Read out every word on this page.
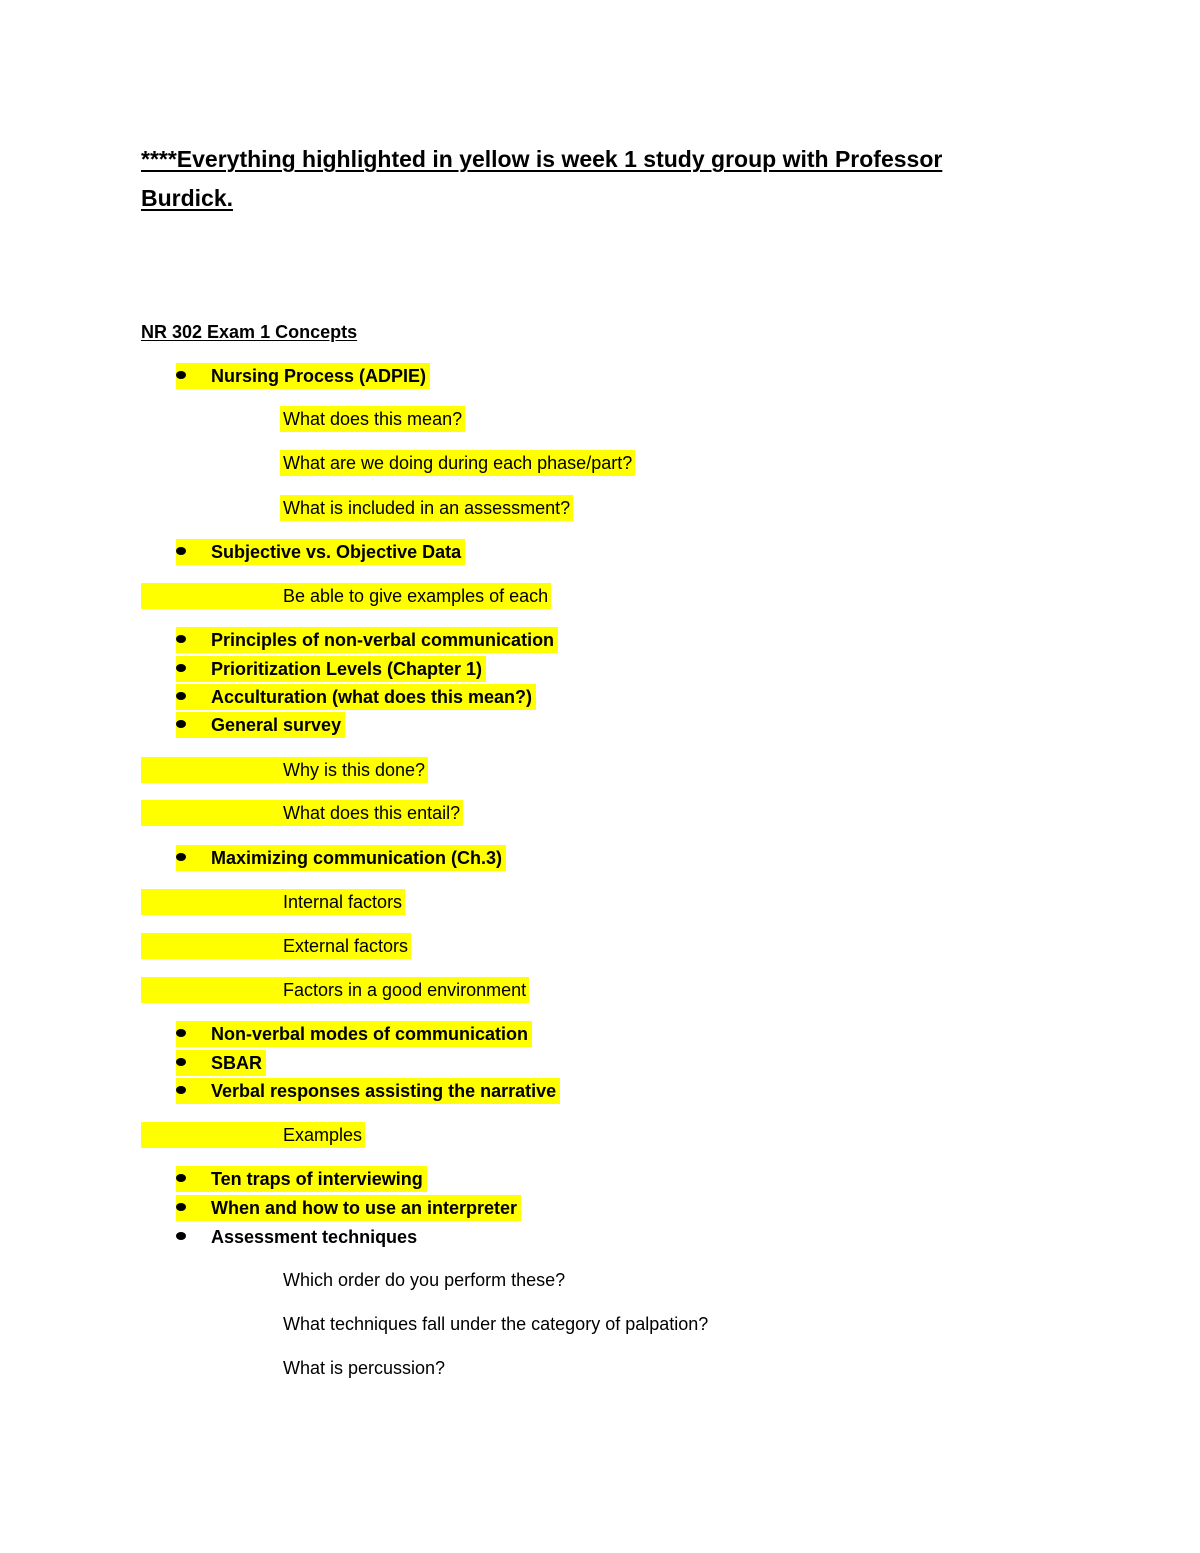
****Everything highlighted in yellow is week 1 study group with Professor
Burdick.
NR 302 Exam 1 Concepts
Nursing Process (ADPIE)
What does this mean?
What are we doing during each phase/part?
What is included in an assessment?
Subjective vs. Objective Data
Be able to give examples of each
Principles of non-verbal communication
Prioritization Levels (Chapter 1)
Acculturation (what does this mean?)
General survey
Why is this done?
What does this entail?
Maximizing communication (Ch.3)
Internal factors
External factors
Factors in a good environment
Non-verbal modes of communication
SBAR
Verbal responses assisting the narrative
Examples
Ten traps of interviewing
When and how to use an interpreter
Assessment techniques
Which order do you perform these?
What techniques fall under the category of palpation?
What is percussion?
